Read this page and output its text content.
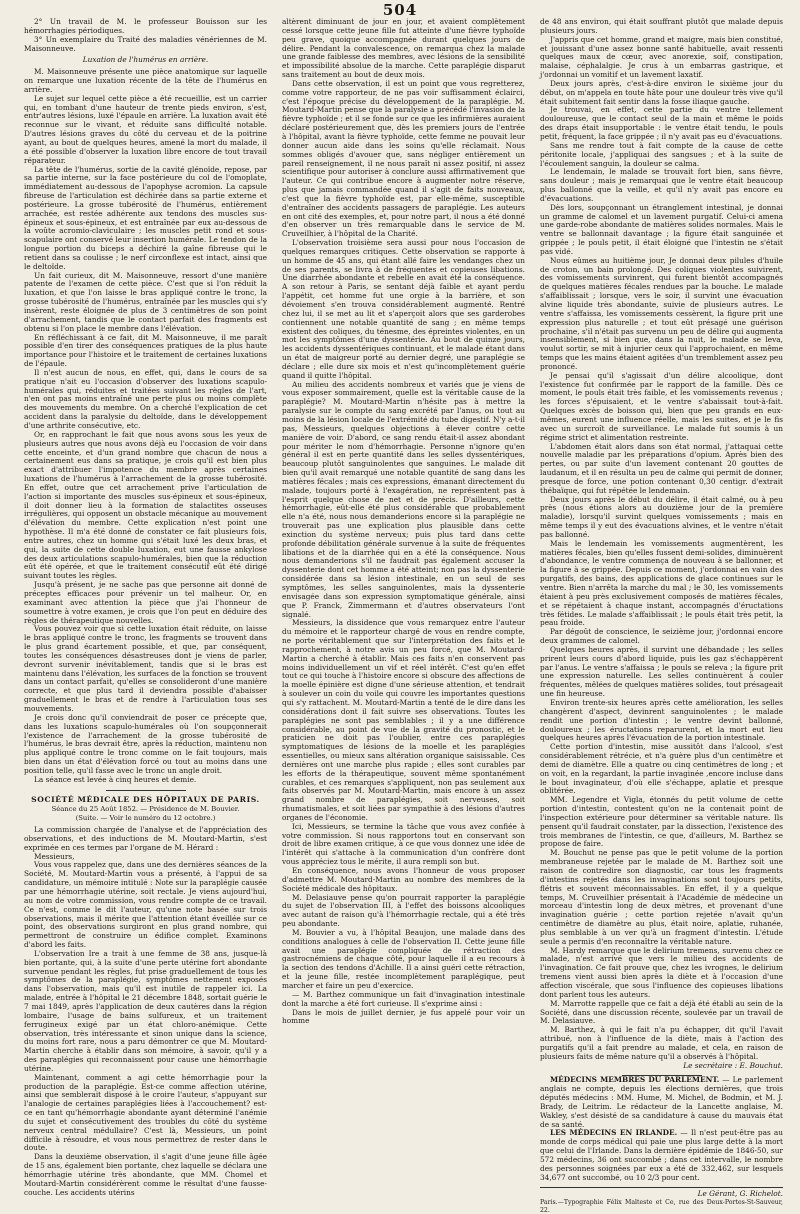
504

2° Un travail de M. le professeur Bouisson sur les hémorrhagies périodiques.

3° Un exemplaire du Traité des maladies vénériennes de M. Maisonneuve.

Luxation de l'humérus en arrière.

M. Maisonneuve présente une pièce anatomique sur laquelle on remarque une luxation récente de la tête de l'humérus en arrière.

Le sujet sur lequel cette pièce a été recueillie, est un carrier qui, en tombant d'une hauteur de trente pieds environ, s'est, entr'autres lésions, luxé l'épaule en arrière. La luxation avait été reconnue sur le vivant, et réduite sans difficulté notable. D'autres lésions graves du côté du cerveau et de la poitrine ayant, au bout de quelques heures, amené la mort du malade, il a été possible d'observer la luxation libre encore de tout travail réparateur.

La tête de l'humérus, sortie de la cavité glénoïde, repose, par sa partie interne, sur la face postérieure du col de l'omoplate, immédiatement au-dessous de l'apophyse acromion. La capsule fibreuse de l'articulation est déchirée dans sa partie externe et postérieure. La grosse tubérosité de l'humérus, entièrement arrachée, est restée adhérente aux tendons des muscles sus-épineux et sous-épineux, et est entraînée par eux au-dessous de la voûte acromio-claviculaire ; les muscles petit rond et sous-scapulaire ont conservé leur insertion humérale. Le tendon de la longue portion du biceps a déchiré la gaîne fibreuse qui le retient dans sa coulisse ; le nerf circonflexe est intact, ainsi que le deltoïde.

Un fait curieux, dit M. Maisonneuve, ressort d'une manière patente de l'examen de cette pièce. C'est que si l'on réduit la luxation, et que l'on laisse le bras appliqué contre le tronc, la grosse tubérosité de l'humérus, entraînée par les muscles qui s'y insèrent, reste éloignée de plus de 3 centimètres de son point d'arrachement, tandis que le contact parfait des fragments est obtenu si l'on place le membre dans l'élévation.

En réfléchissant à ce fait, dit M. Maisonneuve, il me paraît possible d'en tirer des conséquences pratiques de la plus haute importance pour l'histoire et le traitement de certaines luxations de l'épaule.

Il n'est aucun de nous, en effet, qui, dans le cours de sa pratique n'ait eu l'occasion d'observer des luxations scapulo-humérales qui, réduites et traitées suivant les règles de l'art, n'en ont pas moins entraîné une perte plus ou moins complète des mouvements du membre. On a cherché l'explication de cet accident dans la paralysie du deltoïde, dans le développement d'une arthrite consécutive, etc.

Or, en rapprochant le fait que nous avons sous les yeux de plusieurs autres que nous avons déjà eu l'occasion de voir dans cette enceinte, et d'un grand nombre que chacun de nous a certainement eus dans sa pratique, je crois qu'il est bien plus exact d'attribuer l'impotence du membre après certaines luxations de l'humérus à l'arrachement de la grosse tubérosité. En effet, outre que cet arrachement prive l'articulation de l'action si importante des muscles sus-épineux et sous-épineux, il doit donner lieu à la formation de stalactites osseuses irrégulières, qui opposent un obstacle mécanique au mouvement d'élévation du membre. Cette explication n'est point une hypothèse. Il m'a été donné de constater ce fait plusieurs fois, entre autres, chez un homme qui s'était luxé les deux bras, et qui, la suite de cette double luxation, eut une fausse ankylose des deux articulations scapulo-humérales, bien que la réduction eût été opérée, et que le traitement consécutif eût été dirigé suivant toutes les règles.

Jusqu'à présent, je ne sache pas que personne ait donné de préceptes efficaces pour prévenir un tel malheur. Or, en examinant avec attention la pièce que j'ai l'honneur de soumettre à votre examen, je crois que l'on peut en déduire des règles de thérapeutique nouvelles.

Vous pouvez voir que si cette luxation était réduite, on laisse le bras appliqué contre le tronc, les fragments se trouvent dans le plus grand écartement possible, et que, par conséquent, toutes les conséquences désastreuses dont je viens de parler, devront survenir inévitablement, tandis que si le bras est maintenu dans l'élévation, les surfaces de la fonction se trouvent dans un contact parfait, qu'elles se consolideront d'une manière correcte, et que plus tard il deviendra possible d'abaisser graduellement le bras et de rendre à l'articulation tous ses mouvements.

Je crois donc qu'il conviendrait de poser ce précepte que, dans les luxations scapulo-humérales où l'on soupçonnerait l'existence de l'arrachement de la grosse tubérosité de l'humérus, le bras devrait être, après la réduction, maintenu non plus appliqué contre le tronc comme on le fait toujours, mais bien dans un état d'élévation forcé ou tout au moins dans une position telle, qu'il fasse avec le tronc un angle droit.

La séance est levée à cinq heures et demie.

SOCIÉTÉ MÉDICALE DES HÔPITAUX DE PARIS.

Séance du 25 Août 1852. — Présidence de M. Bouvier.

(Suite. — Voir le numéro du 12 octobre.)

La commission chargée de l'analyse et de l'appréciation des observations, et des inductions de M. Moutard-Martin, s'est exprimée en ces termes par l'organe de M. Hérard :

Messieurs,

Vous vous rappelez que, dans une des dernières séances de la Société, M. Moutard-Martin vous a présenté, à l'appui de sa candidature, un mémoire intitulé : Note sur la paraplégie causée par une hémorrhagie utérine, soit rectale. Je viens aujourd'hui, au nom de votre commission, vous rendre compte de ce travail. Ce n'est, comme le dit l'auteur, qu'une note basée sur trois observations, mais il mérite que l'attention étant éveillée sur ce point, des observations surgiront en plus grand nombre, qui permettront de construire un édifice complet. Examinons d'abord les faits.

L'observation Ire a trait à une femme de 38 ans, jusque-là bien portante, qui, à la suite d'une perte utérine fort abondante survenue pendant les règles, fut prise graduellement de tous les symptômes de la paraplégie, symptômes nettement exposés dans l'observation, mais qu'il est inutile de rappeler ici. La malade, entrée à l'hôpital le 21 décembre 1848, sortait guérie le 7 mai 1849, après l'application de deux cautères dans la région lombaire, l'usage de bains sulfureux, et un traitement ferrugineux exigé par un état chloro-anémique. Cette observation, très intéressante et sinon unique dans la science, du moins fort rare, nous a paru démontrer ce que M. Moutard-Martin cherche à établir dans son mémoire, à savoir, qu'il y a des paraplégies qui reconnaissent pour cause une hémorrhagie utérine.

Maintenant, comment a agi cette hémorrhagie pour la production de la paraplégie. Est-ce comme affection utérine, ainsi que semblerait disposé à le croire l'auteur, s'appuyant sur l'analogie de certaines paraplégies liées à l'accouchement? est-ce en tant qu'hémorrhagie abondante ayant déterminé l'anémie du sujet et consécutivement des troubles du côté du système nerveux central médullaire? C'est là, Messieurs, un point difficile à résoudre, et vous nous permettrez de rester dans le doute.

Dans la deuxième observation, il s'agit d'une jeune fille âgée de 15 ans, également bien portante, chez laquelle se déclara une hémorrhagie utérine très abondante, que MM. Chomel et Moutard-Martin considérèrent comme le résultat d'une fausse-couche. Les accidents utérins

altèrent diminuant de jour en jour, et avaient complètement cessé lorsque cette jeune fille fut atteinte d'une fièvre typhoïde peu grave, quoique accompagnée durant quelques jours de délire. Pendant la convalescence, on remarqua chez la malade une grande faiblesse des membres, avec lésions de la sensibilité et impossibilité absolue de la marche. Cette paraplégie disparut sans traitement au bout de deux mois.

Dans cette observation, il est un point que vous regretterez, comme votre rapporteur, de ne pas voir suffisamment éclairci, c'est l'époque précise du développement de la paraplégie. M. Moutard-Martin pense que la paralysie a précédé l'invasion de la fièvre typhoïde ; et il se fonde sur ce que les infirmières auraient déclaré postérieurement que, dès les premiers jours de l'entrée à l'hôpital, avant la fièvre typhoïde, cette femme ne pouvait leur donner aucun aide dans les soins qu'elle réclamait. Nous sommes obligés d'avouer que, sans négliger entièrement un pareil renseignement, il ne nous paraît ni assez positif, ni assez scientifique pour autoriser à conclure aussi affirmativement que l'auteur. Ce qui contribue encore à augmenter notre réserve, plus que jamais commandée quand il s'agit de faits nouveaux, c'est que la fièvre typhoïde est, par elle-même, susceptible d'entraîner des accidents passagers de paraplégie. Les auteurs en ont cité des exemples, et, pour notre part, il nous a été donné d'en observer un très remarquable dans le service de M. Cruveilhier, à l'hôpital de la Charité.

L'observation troisième sera aussi pour nous l'occasion de quelques remarques critiques. Cette observation se rapporte à un homme de 45 ans, qui étant allé faire les vendanges chez un de ses parents, se livra à de fréquentes et copieuses libations. Une diarrhée abondante et rebelle en avait été la conséquence. A son retour à Paris, se sentant déjà faible et ayant perdu l'appétit, cet homme fut une orgie à la barrière, et son dévoiement s'en trouva considérablement augmenté. Rentré chez lui, il se met au lit et s'aperçoit alors que ses garderobes contiennent une notable quantité de sang ; en même temps existent des coliques, du ténesme, des épreintes violentes, en un mot les symptômes d'une dyssentérie. Au bout de quinze jours, les accidents dyssentériques continuant, et le malade étant dans un état de maigreur porté au dernier degré, une paraplégie se déclare ; elle dure six mois et n'est qu'incomplètement guérie quand il quitte l'hôpital.

Au milieu des accidents nombreux et variés que je viens de vous exposer sommairement, quelle est la véritable cause de la paraplégie? M. Moutard-Martin n'hésite pas à mettre la paralysie sur le compte du sang excrété par l'anus, ou tout au moins de la lésion locale de l'extrémité du tube digestif. N'y a-t-il pas, Messieurs, quelques objections à élever contre cette manière de voir. D'abord, ce sang rendu était-il assez abondant pour mériter le nom d'hémorrhagie. Personne n'ignore qu'en général il est en perte quantité dans les selles dyssentériques, beaucoup plutôt sanguinolentes que sanguines. Le malade dit bien qu'il avait remarqué une notable quantité de sang dans les matières fécales ; mais ces expressions, émanant directement du malade, toujours porté à l'exagération, ne représentent pas à l'esprit quelque chose de net et de précis. D'ailleurs, cette hémorrhagie, eût-elle été plus considérable que probablement elle n'a été, nous nous demanderions encore si la paraplégie ne trouverait pas une explication plus plausible dans cette exinction du système nerveux; puis plus tard dans cette profonde débilitation générale survenue à la suite de fréquentes libations et de la diarrhée qui en a été la conséquence. Nous nous demanderions s'il ne faudrait pas également accuser la dyssenterie dont cet homme a été atteint; non pas la dyssenterie considérée dans sa lésion intestinale, en un seul de ses symptômes, les selles sanguinolentes, mais la dyssenterie envisagée dans son expression symptomatique générale, ainsi que P. Franck, Zimmermann et d'autres observateurs l'ont signalé.

Messieurs, la dissidence que vous remarquez entre l'auteur du mémoire et le rapporteur chargé de vous en rendre compte, ne porte véritablement que sur l'interprétation des faits et le rapprochement, à notre avis un peu forcé, que M. Moutard-Martin a cherché à établir. Mais ces faits n'en conservent pas moins individuellement un vif et réel intérêt. C'est qu'en effet tout ce qui touche à l'histoire encore si obscure des affections de la moelle épinière est digne d'une sérieuse attention, et tendrait à soulever un coin du voile qui couvre les importantes questions qui s'y rattachent. M. Moutard-Martin a tenté de le dire dans les considérations dont il fait suivre ses observations. Toutes les paraplégies ne sont pas semblables ; il y a une différence considérable, au point de vue de la gravité du pronostic, et le praticien ne doit pas l'oublier, entre ces paraplégies symptomatiques de lésions de la moelle et les paraplégies essentielles, ou mieux sans altération organique saisissable. Ces dernières ont une marche plus rapide ; elles sont curables par les efforts de la thérapeutique, souvent même spontanément curables, et ces remarques s'appliquent, non pas seulement aux faits observés par M. Moutard-Martin, mais encore à un assez grand nombre de paraplégies, soit nerveuses, soit rhumatismales, et soit liées par sympathie à des lésions d'autres organes de l'économie.

Ici, Messieurs, se termine la tâche que vous avez confiée à votre commission. Si nous rapportons tout en conservant son droit de libre examen critique, à ce que vous donnez une idée de l'intérêt qui s'attache à la communication d'un confrère dont vous appréciez tous le mérite, il aura rempli son but.

En conséquence, nous avons l'honneur de vous proposer d'admettre M. Moutard-Martin au nombre des membres de la Société médicale des hôpitaux.

M. Delasiauve pense qu'on pourrait rapporter la paraplégie du sujet de l'observation III, à l'effet des boissons alcooliques avec autant de raison qu'à l'hémorrhagie rectale, qui a été très peu abondante.

M. Bouvier a vu, à l'hôpital Beaujon, une malade dans des conditions analogues à celle de l'observation II. Cette jeune fille avait une paraplégie compliquée de rétraction des gastrocnémiens de chaque côté, pour laquelle il a eu recours à la section des tendons d'Achille. Il a ainsi guéri cette rétraction, et la jeune fille, restée incomplètement paraplégique, peut marcher et faire un peu d'exercice.

— M. Barthez communique un fait d'invagination intestinale dont la marche a été fort curieuse. Il s'exprime ainsi :

Dans le mois de juillet dernier, je fus appelé pour voir un homme

de 48 ans environ, qui était souffrant plutôt que malade depuis plusieurs jours.

J'appris que cet homme, grand et maigre, mais bien constitué, et jouissant d'une assez bonne santé habituelle, avait ressenti quelques maux de cœur, avec anorexie, soif, constipation, malaise, céphalalgie. Je crus à un embarras gastrique, et j'ordonnai un vomitif et un lavement laxatif.

Deux jours après, c'est-à-dire environ le sixième jour du début, on m'appela en toute hâte pour une douleur très vive qu'il était subitement fait sentir dans la fosse iliaque gauche.

Je trouvai, en effet, cette partie du ventre tellement douloureuse, que le contact seul de la main et même le poids des draps était insupportable : le ventre était tendu, le pouls petit, fréquent, la face grippée ; il n'y avait pas eu d'évacuations.

Sans me rendre tout à fait compte de la cause de cette péritonite locale, j'appliquai des sangsues ; et à la suite de l'écoulement sanguin, la douleur se calma.

Le lendemain, le malade se trouvait fort bien, sans fièvre, sans douleur ; mais je remarquai que le ventre était beaucoup plus ballonné que la veille, et qu'il n'y avait pas encore eu d'évacuations.

Dès lors, soupçonnant un étranglement intestinal, je donnai un gramme de calomel et un lavement purgatif. Celui-ci amena une garde-robe abondante de matières solides normales. Mais le ventre se ballonnait davantage ; la figure était sanguinée et grippée ; le pouls petit, il était éloigné que l'intestin ne s'était pas vidé.

Nous eûmes au huitième jour, Je donnai deux pilules d'huile de croton, un bain prolongé. Des coliques violentes suivirent, des vomissements survinrent, qui furent bientôt accompagnés de quelques matières fécales rendues par la bouche. Le malade s'affaiblissait ; lorsque, vers le soir, il survint une évacuation alvine liquide très abondante, suivie de plusieurs autres. Le ventre s'affaissa, les vomissements cessèrent, la figure prit une expression plus naturelle ; et tout eût présagé une guérison prochaine, s'il n'était pas survenu un peu de délire qui augmenta insensiblement, si bien que, dans la nuit, le malade se leva, voulut sortir, se mit à injurier ceux qui l'approchaient, en même temps que les mains étaient agitées d'un tremblement assez peu prononcé.

Je pensai qu'il s'agissait d'un délire alcoolique, dont l'existence fut confirmée par le rapport de la famille. Dès ce moment, le pouls était très faible, et les vomissements revenus ; les forces s'épuisaient, et le ventre s'abaissait tout-à-fait. Quelques excès de boisson qui, bien que peu grands en eux-mêmes, eurent une influence réelle, mais les suites, et je le fis avec un surcroît de surveillance. Le malade fut soumis à un régime strict et alimentation restreinte.

L'abdomen était alors dans son état normal, j'attaquai cette nouvelle maladie par les préparations d'opium. Après bien des pertes, ou par suite d'un lavement contenant 20 gouttes de laudanum, et il en résulta un peu de calme qui permit de donner, presque de force, une potion contenant 0,30 centigr. d'extrait thébaïque, qui fut répétée le lendemain.

Deux jours après le début du délire, il était calmé, ou à peu près (nous étions alors au douzième jour de la première maladie), lorsqu'il survint quelques vomissements ; mais en même temps il y eut des évacuations alvines, et le ventre n'était pas ballonné.

Mais le lendemain les vomissements augmentèrent, les matières fécales, bien qu'elles fussent demi-solides, diminuèrent d'abondance, le ventre commença de nouveau à se ballonner, et la figure à se grippée. Depuis ce moment, j'ordonnai en vain des purgatifs, des bains, des applications de glace continues sur le ventre. Bien n'arrêta la marche du mal ; le 30, les vomissements étaient à peu près exclusivement composés de matières fécales, et se répétaient à chaque instant, accompagnés d'éructations très fétides. Le malade s'affaiblissait ; le pouls était très petit, la peau froide.

Par dégoût de conscience, le seizième jour, j'ordonnai encore deux grammes de calomel.

Quelques heures après, il survint une débandade ; les selles prirent leurs cours d'abord liquide, puis les gaz s'échappèrent par l'anus. Le ventre s'affaissa ; le pouls se releva ; la figure prit une expression naturelle. Les selles continuèrent à couler fréquentes, mêlées de quelques matières solides, tout présageait une fin heureuse.

Environ trente-six heures après cette amélioration, les selles changèrent d'aspect, devinrent sanguinolentes ; le malade rendit une portion d'intestin ; le ventre devint ballonné, douloureux ; les éructations reparurent, et la mort eut lieu quelques heures après l'évacuation de la portion intestinale.

Cette portion d'intestin, mise aussitôt dans l'alcool, s'est considérablement rétrécie, et n'a guère plus d'un centimètre et demi de diamètre. Elle a quatre ou cinq centimètres de long ; et on voit, en la regardant, la partie invaginée ,encore incluse dans le bout invaginateur, d'où elle s'échappe, aplatie et presque oblitérée.

MM. Legendre et Vigla, étonnés du petit volume de cette portion d'intestin, contestent qu'on ne la contenait point de l'inspection extérieure pour déterminer sa véritable nature. Ils pensent qu'il faudrait constater, par la dissection, l'existence des trois membranes de l'intestin, ce que, d'ailleurs, M. Barthez se propose de faire.

M. Bouchut ne pense pas que le petit volume de la portion membraneuse rejetée par le malade de M. Barthez soit une raison de contredire son diagnostic, car tous les fragments d'intestins rejetés dans les invaginations sont toujours petits, flétris et souvent méconnaissables. En effet, il y a quelque temps, M. Cruveilhier présentait à l'Académie de médecine un morceau d'intestin long de deux mètres, et provenant d'une invagination guérie ; cette portion rejetée n'avait qu'un centimètre de diamètre au plus, était noire, aplatie, ruhanée, plus semblable à un ver qu'à un fragment d'intestin. L'étude seule a permis d'en reconnaître la véritable nature.

M. Hardy remarque que le delirium tremens, survenu chez ce malade, n'est arrivé que vers le milieu des accidents de l'invagination. Ce fait prouve que, chez les ivrognes, le delirium tremens vient aussi bien après la diète et à l'occasion d'une affection viscérale, que sous l'influence des copieuses libations dont parlent tous les auteurs.

M. Marrotte rappelle que ce fait a déjà été établi au sein de la Société, dans une discussion récente, soulevée par un travail de M. Delasiauve.

M. Barthez, à qui le fait n'a pu échapper, dit qu'il l'avait attribué, non à l'influence de la diète, mais à l'action des purgatifs qu'il a fait prendre au malade, et cela, en raison de plusieurs faits de même nature qu'il a observés à l'hôpital.

Le secrétaire : E. Bouchut.

MÉDECINS MEMBRES DU PARLEMENT. — Le parlement anglais ne compte, depuis les élections dernières, que trois députés médecins : MM. Hume, M. Michel, de Bodmin, et M. J. Brady, de Leitrim. Le rédacteur de la Lancette anglaise, M. Wakley, s'est désisté de sa candidature à cause du mauvais état de sa santé.

LES MÉDECINS EN IRLANDE. — Il n'est peut-être pas au monde de corps médical qui paie une plus large dette à la mort que celui de l'Irlande. Dans la dernière épidémie de 1846-50, sur 572 médecins, 36 ont succombé ; dans cet intervalle, le nombre des personnes soignées par eux a été de 332,462, sur lesquels 34,677 ont succombé, ou 10 2/3 pour cent.

Le Gérant, G. Richelot.

Paris.—Typographie Félix Malteste et Ce, rue des Deux-Portes-St-Sauveur, 22.
